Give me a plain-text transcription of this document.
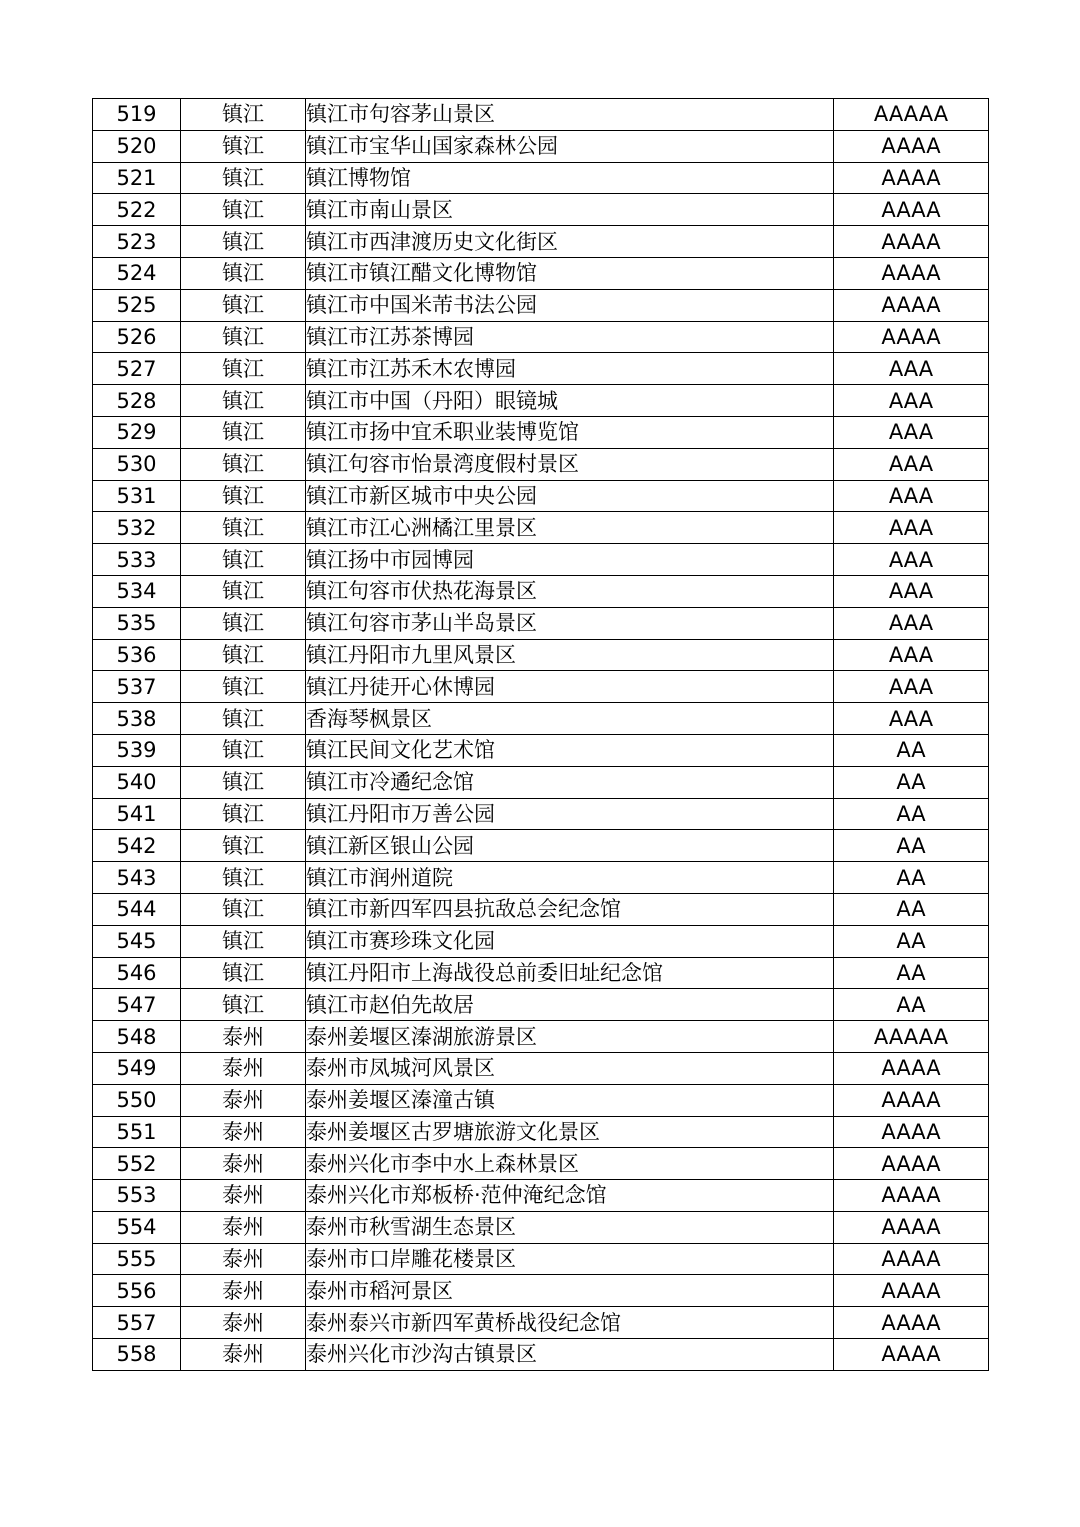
519	镇江	镇江市句容茅山景区	AAAAA
520	镇江	镇江市宝华山国家森林公园	AAAA
521	镇江	镇江博物馆	AAAA
522	镇江	镇江市南山景区	AAAA
523	镇江	镇江市西津渡历史文化街区	AAAA
524	镇江	镇江市镇江醋文化博物馆	AAAA
525	镇江	镇江市中国米芾书法公园	AAAA
526	镇江	镇江市江苏茶博园	AAAA
527	镇江	镇江市江苏禾木农博园	AAA
528	镇江	镇江市中国（丹阳）眼镜城	AAA
529	镇江	镇江市扬中宜禾职业装博览馆	AAA
530	镇江	镇江句容市怡景湾度假村景区	AAA
531	镇江	镇江市新区城市中央公园	AAA
532	镇江	镇江市江心洲橘江里景区	AAA
533	镇江	镇江扬中市园博园	AAA
534	镇江	镇江句容市伏热花海景区	AAA
535	镇江	镇江句容市茅山半岛景区	AAA
536	镇江	镇江丹阳市九里风景区	AAA
537	镇江	镇江丹徒开心休博园	AAA
538	镇江	香海琴枫景区	AAA
539	镇江	镇江民间文化艺术馆	AA
540	镇江	镇江市冷遹纪念馆	AA
541	镇江	镇江丹阳市万善公园	AA
542	镇江	镇江新区银山公园	AA
543	镇江	镇江市润州道院	AA
544	镇江	镇江市新四军四县抗敌总会纪念馆	AA
545	镇江	镇江市赛珍珠文化园	AA
546	镇江	镇江丹阳市上海战役总前委旧址纪念馆	AA
547	镇江	镇江市赵伯先故居	AA
548	泰州	泰州姜堰区溱湖旅游景区	AAAAA
549	泰州	泰州市凤城河风景区	AAAA
550	泰州	泰州姜堰区溱潼古镇	AAAA
551	泰州	泰州姜堰区古罗塘旅游文化景区	AAAA
552	泰州	泰州兴化市李中水上森林景区	AAAA
553	泰州	泰州兴化市郑板桥·范仲淹纪念馆	AAAA
554	泰州	泰州市秋雪湖生态景区	AAAA
555	泰州	泰州市口岸雕花楼景区	AAAA
556	泰州	泰州市稻河景区	AAAA
557	泰州	泰州泰兴市新四军黄桥战役纪念馆	AAAA
558	泰州	泰州兴化市沙沟古镇景区	AAAA
